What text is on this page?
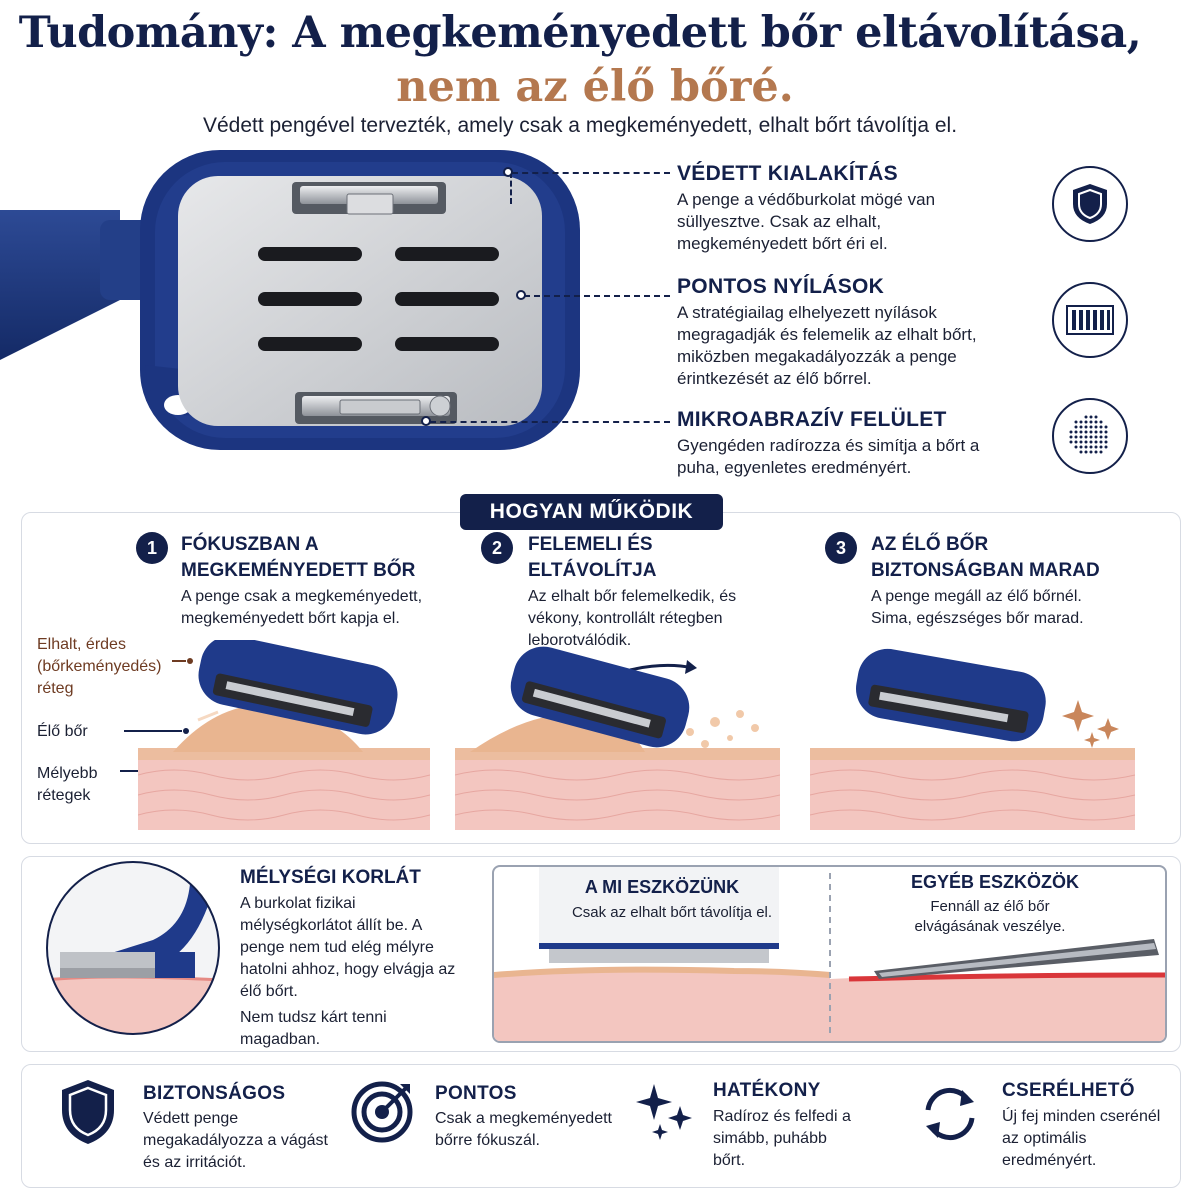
Tudomány: A megkeményedett bőr eltávolítása,
nem az élő bőré.
Védett pengével tervezték, amely csak a megkeményedett, elhalt bőrt távolítja el.
VÉDETT KIALAKÍTÁS

A penge a védőburkolat mögé van süllyesztve. Csak az elhalt, megkeményedett bőrt éri el.

PONTOS NYÍLÁSOK

A stratégiailag elhelyezett nyílások megragadják és felemelik az elhalt bőrt, miközben megakadályozzák a penge érintkezését az élő bőrrel.

MIKROABRAZÍV FELÜLET

Gyengéden radírozza és simítja a bőrt a puha, egyenletes eredményért.

HOGYAN MŰKÖDIK
1	FÓKUSZBAN A
MEGKEMÉNYEDETT BŐR
A penge csak a megkeményedett, megkeményedett bőrt kapja el.
2	FELEMELI ÉS
ELTÁVOLÍTJA
Az elhalt bőr felemelkedik, és vékony, kontrollált rétegben leborotválódik.
3	AZ ÉLŐ BŐR
BIZTONSÁGBAN MARAD
A penge megáll az élő bőrnél. Sima, egészséges bőr marad.
Elhalt, érdes (bőrkeményedés) réteg
Élő bőr
Mélyebb rétegek
MÉLYSÉGI KORLÁT
A burkolat fizikai mélységkorlátot állít be. A penge nem tud elég mélyre hatolni ahhoz, hogy elvágja az élő bőrt.
Nem tudsz kárt tenni magadban.
A MI ESZKÖZÜNK
Csak az elhalt bőrt távolítja el.
EGYÉB ESZKÖZÖK
Fennáll az élő bőr elvágásának veszélye.
BIZTONSÁGOS
Védett penge megakadályozza a vágást és az irritációt.
PONTOS
Csak a megkeményedett bőrre fókuszál.
HATÉKONY
Radíroz és felfedi a simább, puhább bőrt.
CSERÉLHETŐ
Új fej minden cserénél az optimális eredményért.
